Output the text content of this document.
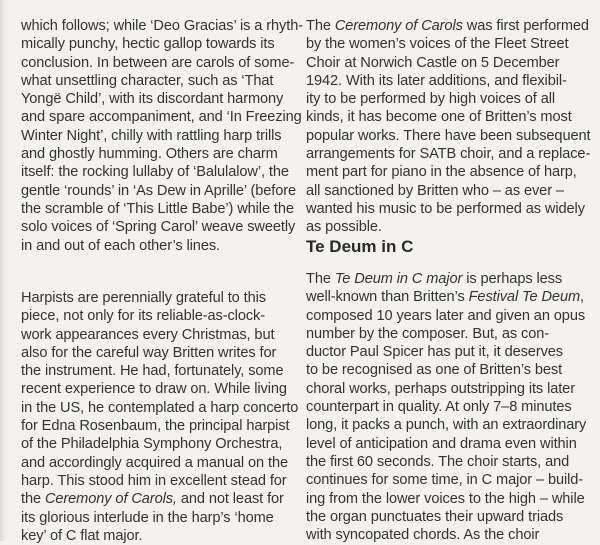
which follows; while ‘Deo Gracias’ is a rhyth-
mically punchy, hectic gallop towards its
conclusion. In between are carols of some-
what unsettling character, such as ‘That
Yongë Child’, with its discordant harmony
and spare accompaniment, and ‘In Freezing
Winter Night’, chilly with rattling harp trills
and ghostly humming. Others are charm
itself: the rocking lullaby of ‘Balulalow’, the
gentle ‘rounds’ in ‘As Dew in Aprille’ (before
the scramble of ‘This Little Babe’) while the
solo voices of ‘Spring Carol’ weave sweetly
in and out of each other’s lines.
Harpists are perennially grateful to this
piece, not only for its reliable-as-clock-
work appearances every Christmas, but
also for the careful way Britten writes for
the instrument. He had, fortunately, some
recent experience to draw on. While living
in the US, he contemplated a harp concerto
for Edna Rosenbaum, the principal harpist
of the Philadelphia Symphony Orchestra,
and accordingly acquired a manual on the
harp. This stood him in excellent stead for
the Ceremony of Carols, and not least for
its glorious interlude in the harp’s ‘home
key’ of C flat major.
The Ceremony of Carols was first performed
by the women’s voices of the Fleet Street
Choir at Norwich Castle on 5 December
1942. With its later additions, and flexibil-
ity to be performed by high voices of all
kinds, it has become one of Britten’s most
popular works. There have been subsequent
arrangements for SATB choir, and a replace-
ment part for piano in the absence of harp,
all sanctioned by Britten who – as ever –
wanted his music to be performed as widely
as possible.
Te Deum in C
The Te Deum in C major is perhaps less
well-known than Britten’s Festival Te Deum,
composed 10 years later and given an opus
number by the composer. But, as con-
ductor Paul Spicer has put it, it deserves
to be recognised as one of Britten’s best
choral works, perhaps outstripping its later
counterpart in quality. At only 7–8 minutes
long, it packs a punch, with an extraordinary
level of anticipation and drama even within
the first 60 seconds. The choir starts, and
continues for some time, in C major – build-
ing from the lower voices to the high – while
the organ punctuates their upward triads
with syncopated chords. As the choir
